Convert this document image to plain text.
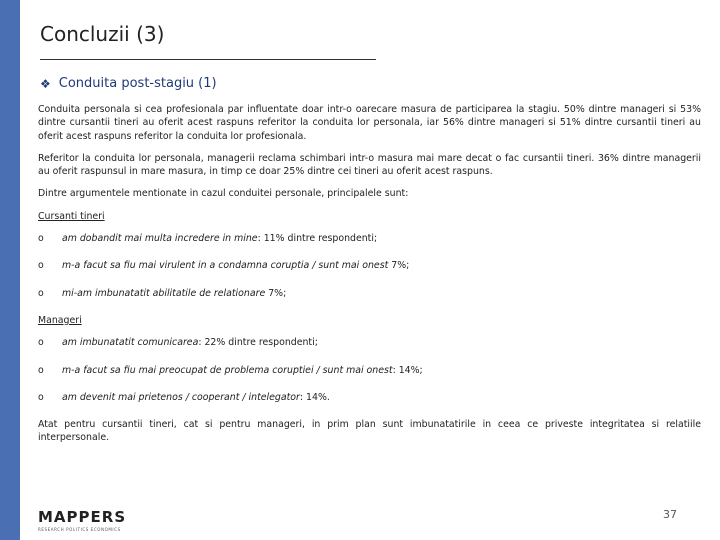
Concluzii (3)
❖ Conduita post-stagiu (1)

Conduita personala si cea profesionala par influentate doar intr-o oarecare masura de participarea la stagiu. 50% dintre manageri si 53% dintre cursantii tineri au oferit acest raspuns referitor la conduita lor personala, iar 56% dintre manageri si 51% dintre cursantii tineri au oferit acest raspuns referitor la conduita lor profesionala.

Referitor la conduita lor personala, managerii reclama schimbari intr-o masura mai mare decat o fac cursantii tineri. 36% dintre managerii au oferit raspunsul in mare masura, in timp ce doar 25% dintre cei tineri au oferit acest raspuns.

Dintre argumentele mentionate in cazul conduitei personale, principalele sunt:

Cursanti tineri
o	am dobandit mai multa incredere in mine: 11% dintre respondenti;
o	m-a facut sa fiu mai virulent in a condamna coruptia / sunt mai onest 7%;
o	mi-am imbunatatit abilitatile de relationare 7%;
Manageri
o	am imbunatatit comunicarea: 22% dintre respondenti;
o	m-a facut sa fiu mai preocupat de problema coruptiei / sunt mai onest: 14%;
o	am devenit mai prietenos / cooperant / intelegator: 14%.

Atat pentru cursantii tineri, cat si pentru manageri, in prim plan sunt imbunatatirile in ceea ce priveste integritatea si relatiile interpersonale.

MAPPERS
RESEARCH POLITICS ECONOMICS
37
